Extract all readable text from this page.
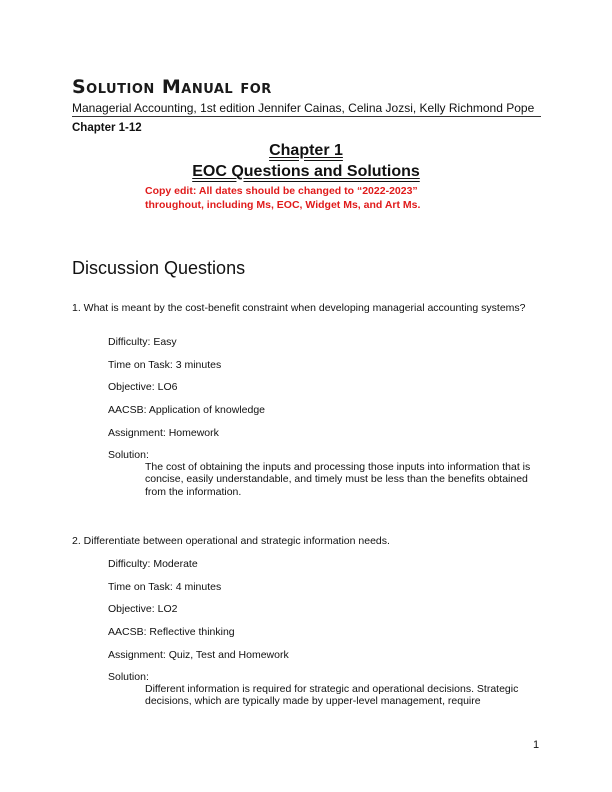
Solution Manual for
Managerial Accounting, 1st edition Jennifer Cainas, Celina Jozsi, Kelly Richmond Pope
Chapter 1-12
Chapter 1
EOC Questions and Solutions
Copy edit: All dates should be changed to “2022-2023”
throughout, including Ms, EOC, Widget Ms, and Art Ms.
Discussion Questions
1. What is meant by the cost-benefit constraint when developing managerial accounting systems?
Difficulty: Easy
Time on Task: 3 minutes
Objective: LO6
AACSB: Application of knowledge
Assignment: Homework
Solution:
The cost of obtaining the inputs and processing those inputs into information that is concise, easily understandable, and timely must be less than the benefits obtained from the information.
2. Differentiate between operational and strategic information needs.
Difficulty: Moderate
Time on Task: 4 minutes
Objective: LO2
AACSB: Reflective thinking
Assignment: Quiz, Test and Homework
Solution:
Different information is required for strategic and operational decisions. Strategic decisions, which are typically made by upper-level management, require
1
